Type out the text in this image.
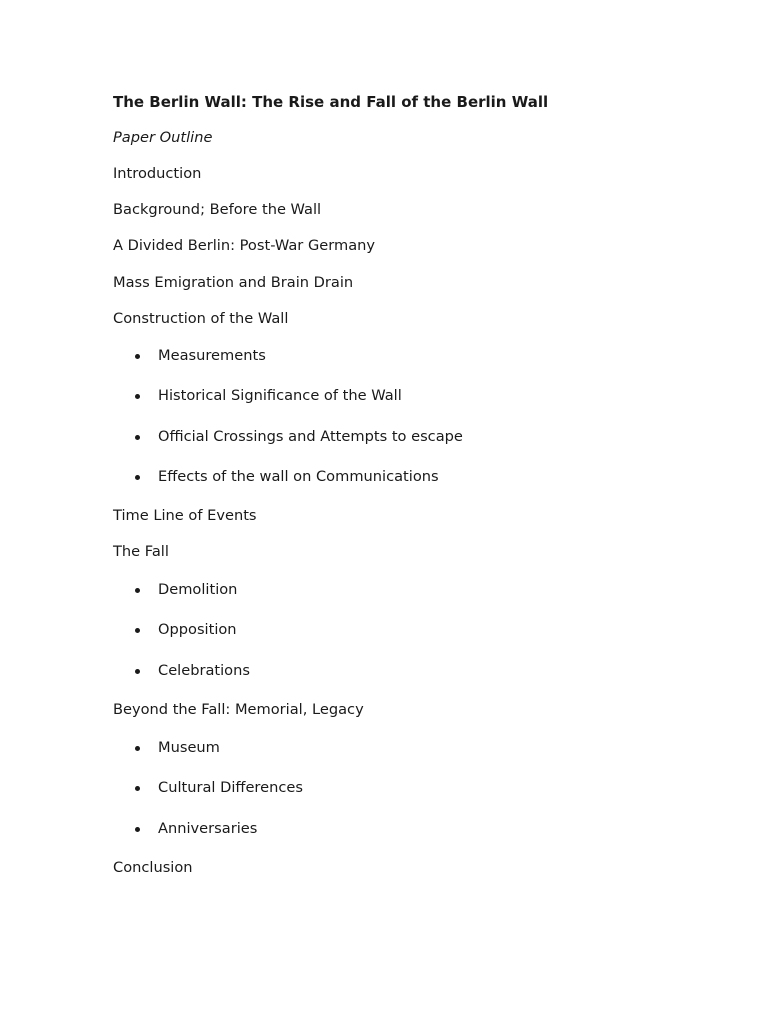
The Berlin Wall: The Rise and Fall of the Berlin Wall
Paper Outline
Introduction
Background; Before the Wall
A Divided Berlin: Post-War Germany
Mass Emigration and Brain Drain
Construction of the Wall
Measurements
Historical Significance of the Wall
Official Crossings and Attempts to escape
Effects of the wall on Communications
Time Line of Events
The Fall
Demolition
Opposition
Celebrations
Beyond the Fall: Memorial, Legacy
Museum
Cultural Differences
Anniversaries
Conclusion
